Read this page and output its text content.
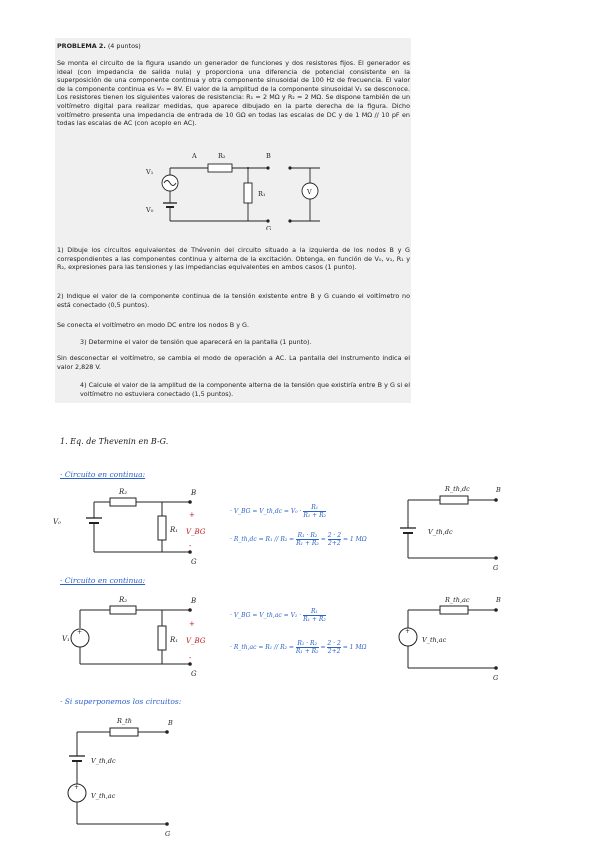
PROBLEMA 2. (4 puntos)
Se monta el circuito de la figura usando un generador de funciones y dos resistores fijos. El generador es ideal (con impedancia de salida nula) y proporciona una diferencia de potencial consistente en la superposición de una componente continua y otra componente sinusoidal de 100 Hz de frecuencia. El valor de la componente continua es V₀ = 8V. El valor de la amplitud de la componente sinusoidal V₁ se desconoce. Los resistores tienen los siguientes valores de resistencia: R₁ = 2 MΩ y R₂ = 2 MΩ. Se dispone también de un voltímetro digital para realizar medidas, que aparece dibujado en la parte derecha de la figura. Dicho voltímetro presenta una impedancia de entrada de 10 GΩ en todas las escalas de DC y de 1 MΩ // 10 pF en todas las escalas de AC (con acoplo en AC).
A	R₂	B
R₁
G
V₁
V₀
V
1) Dibuje los circuitos equivalentes de Thévenin del circuito situado a la izquierda de los nodos B y G correspondientes a las componentes continua y alterna de la excitación. Obtenga, en función de V₀, v₁, R₁ y R₂, expresiones para las tensiones y las impedancias equivalentes en ambos casos (1 punto).
2) Indique el valor de la componente continua de la tensión existente entre B y G cuando el voltímetro no está conectado (0,5 puntos).
Se conecta el voltímetro en modo DC entre los nodos B y G.
3) Determine el valor de tensión que aparecerá en la pantalla (1 punto).
Sin desconectar el voltímetro, se cambia el modo de operación a AC. La pantalla del instrumento indica el valor 2,828 V.
4) Calcule el valor de la amplitud de la componente alterna de la tensión que existiría entre B y G si el voltímetro no estuviera conectado (1,5 puntos).
1. Eq. de Thevenin en B-G.
· Circuito en continua:
R₂
R₁
V₀
B
G
+
-
V_BG
· V_BG = V_th,dc = $V_0 \cdot \frac{\text{R₁}}{\text{R₁ + R₂}}$
· R_th,dc = $R_1 // R_2 = \frac{\text{R₁ · R₂}}{\text{R₁ + R₂}} = \frac{2 \cdot 2}{2+2} = 1$ MΩ
R_th,dc
V_th,dc
B
G
· Circuito en continua:
+
R₂
R₁
V₁
B
G
+
-
V_BG
· V_BG = V_th,ac = $V_1 \cdot \frac{\text{R₁}}{\text{R₁ + R₂}}$
· R_th,ac = $R_1 // R_2 = \frac{\text{R₁ · R₂}}{\text{R₁ + R₂}} = \frac{2 \cdot 2}{2+2} = 1$ MΩ
+
R_th,ac
V_th,ac
B
G
· Si superponemos los circuitos:
+
R_th	B
G
V_th,dc
V_th,ac
